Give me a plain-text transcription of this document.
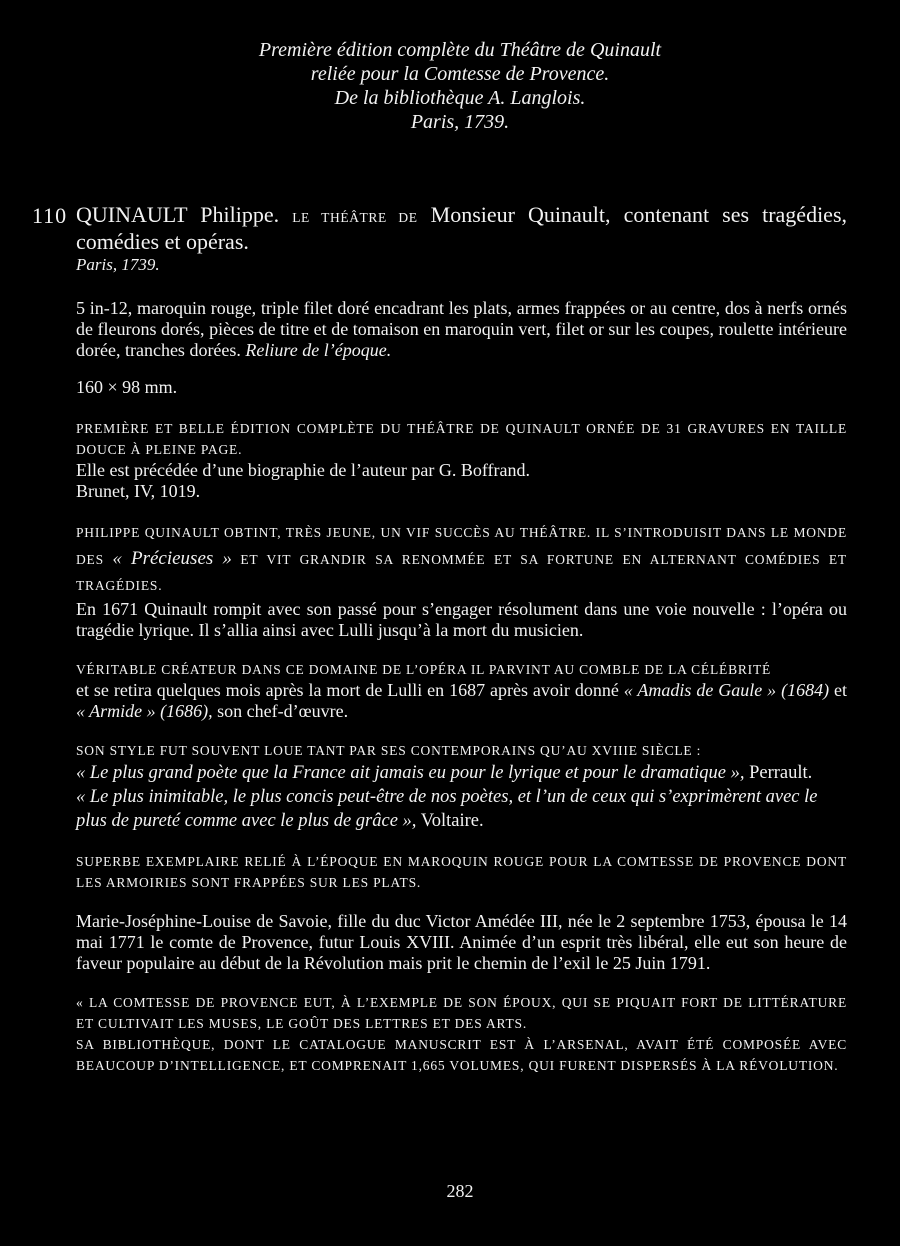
Première édition complète du Théâtre de Quinault
reliée pour la Comtesse de Provence.
De la bibliothèque A. Langlois.
Paris, 1739.
110 QUINAULT Philippe. LE THÉÂTRE DE Monsieur Quinault, contenant ses tragédies, comédies et opéras.
Paris, 1739.
5 in-12, maroquin rouge, triple filet doré encadrant les plats, armes frappées or au centre, dos à nerfs ornés de fleurons dorés, pièces de titre et de tomaison en maroquin vert, filet or sur les coupes, roulette intérieure dorée, tranches dorées. Reliure de l’époque.
160 × 98 mm.
PREMIÈRE ET BELLE ÉDITION COMPLÈTE DU THÉÂTRE DE QUINAULT ORNÉE DE 31 GRAVURES EN TAILLE DOUCE À PLEINE PAGE.
Elle est précédée d’une biographie de l’auteur par G. Boffrand.
Brunet, IV, 1019.
PHILIPPE QUINAULT OBTINT, TRÈS JEUNE, UN VIF SUCCÈS AU THÉÂTRE. IL S’INTRODUISIT DANS LE MONDE DES « Précieuses » ET VIT GRANDIR SA RENOMMÉE ET SA FORTUNE EN ALTERNANT COMÉDIES ET TRAGÉDIES.
En 1671 Quinault rompit avec son passé pour s’engager résolument dans une voie nouvelle : l’opéra ou tragédie lyrique. Il s’allia ainsi avec Lulli jusqu’à la mort du musicien.
VÉRITABLE CRÉATEUR DANS CE DOMAINE DE L’OPÉRA IL PARVINT AU COMBLE DE LA CÉLÉBRITÉ
et se retira quelques mois après la mort de Lulli en 1687 après avoir donné « Amadis de Gaule » (1684) et « Armide » (1686), son chef-d’œuvre.
SON STYLE FUT SOUVENT LOUE TANT PAR SES CONTEMPORAINS QU’AU XVIIIE SIÈCLE :
« Le plus grand poète que la France ait jamais eu pour le lyrique et pour le dramatique », Perrault.
« Le plus inimitable, le plus concis peut-être de nos poètes, et l’un de ceux qui s’exprimèrent avec le plus de pureté comme avec le plus de grâce », Voltaire.
SUPERBE EXEMPLAIRE RELIÉ À L’ÉPOQUE EN MAROQUIN ROUGE POUR LA COMTESSE DE PROVENCE DONT LES ARMOIRIES SONT FRAPPÉES SUR LES PLATS.
Marie-Joséphine-Louise de Savoie, fille du duc Victor Amédée III, née le 2 septembre 1753, épousa le 14 mai 1771 le comte de Provence, futur Louis XVIII. Animée d’un esprit très libéral, elle eut son heure de faveur populaire au début de la Révolution mais prit le chemin de l’exil le 25 Juin 1791.
« LA COMTESSE DE PROVENCE EUT, À L’EXEMPLE DE SON ÉPOUX, QUI SE PIQUAIT FORT DE LITTÉRATURE ET CULTIVAIT LES MUSES, LE GOÛT DES LETTRES ET DES ARTS.
SA BIBLIOTHÈQUE, DONT LE CATALOGUE MANUSCRIT EST À L’ARSENAL, AVAIT ÉTÉ COMPOSÉE AVEC BEAUCOUP D’INTELLIGENCE, ET COMPRENAIT 1,665 VOLUMES, QUI FURENT DISPERSÉS À LA RÉVOLUTION.
282
